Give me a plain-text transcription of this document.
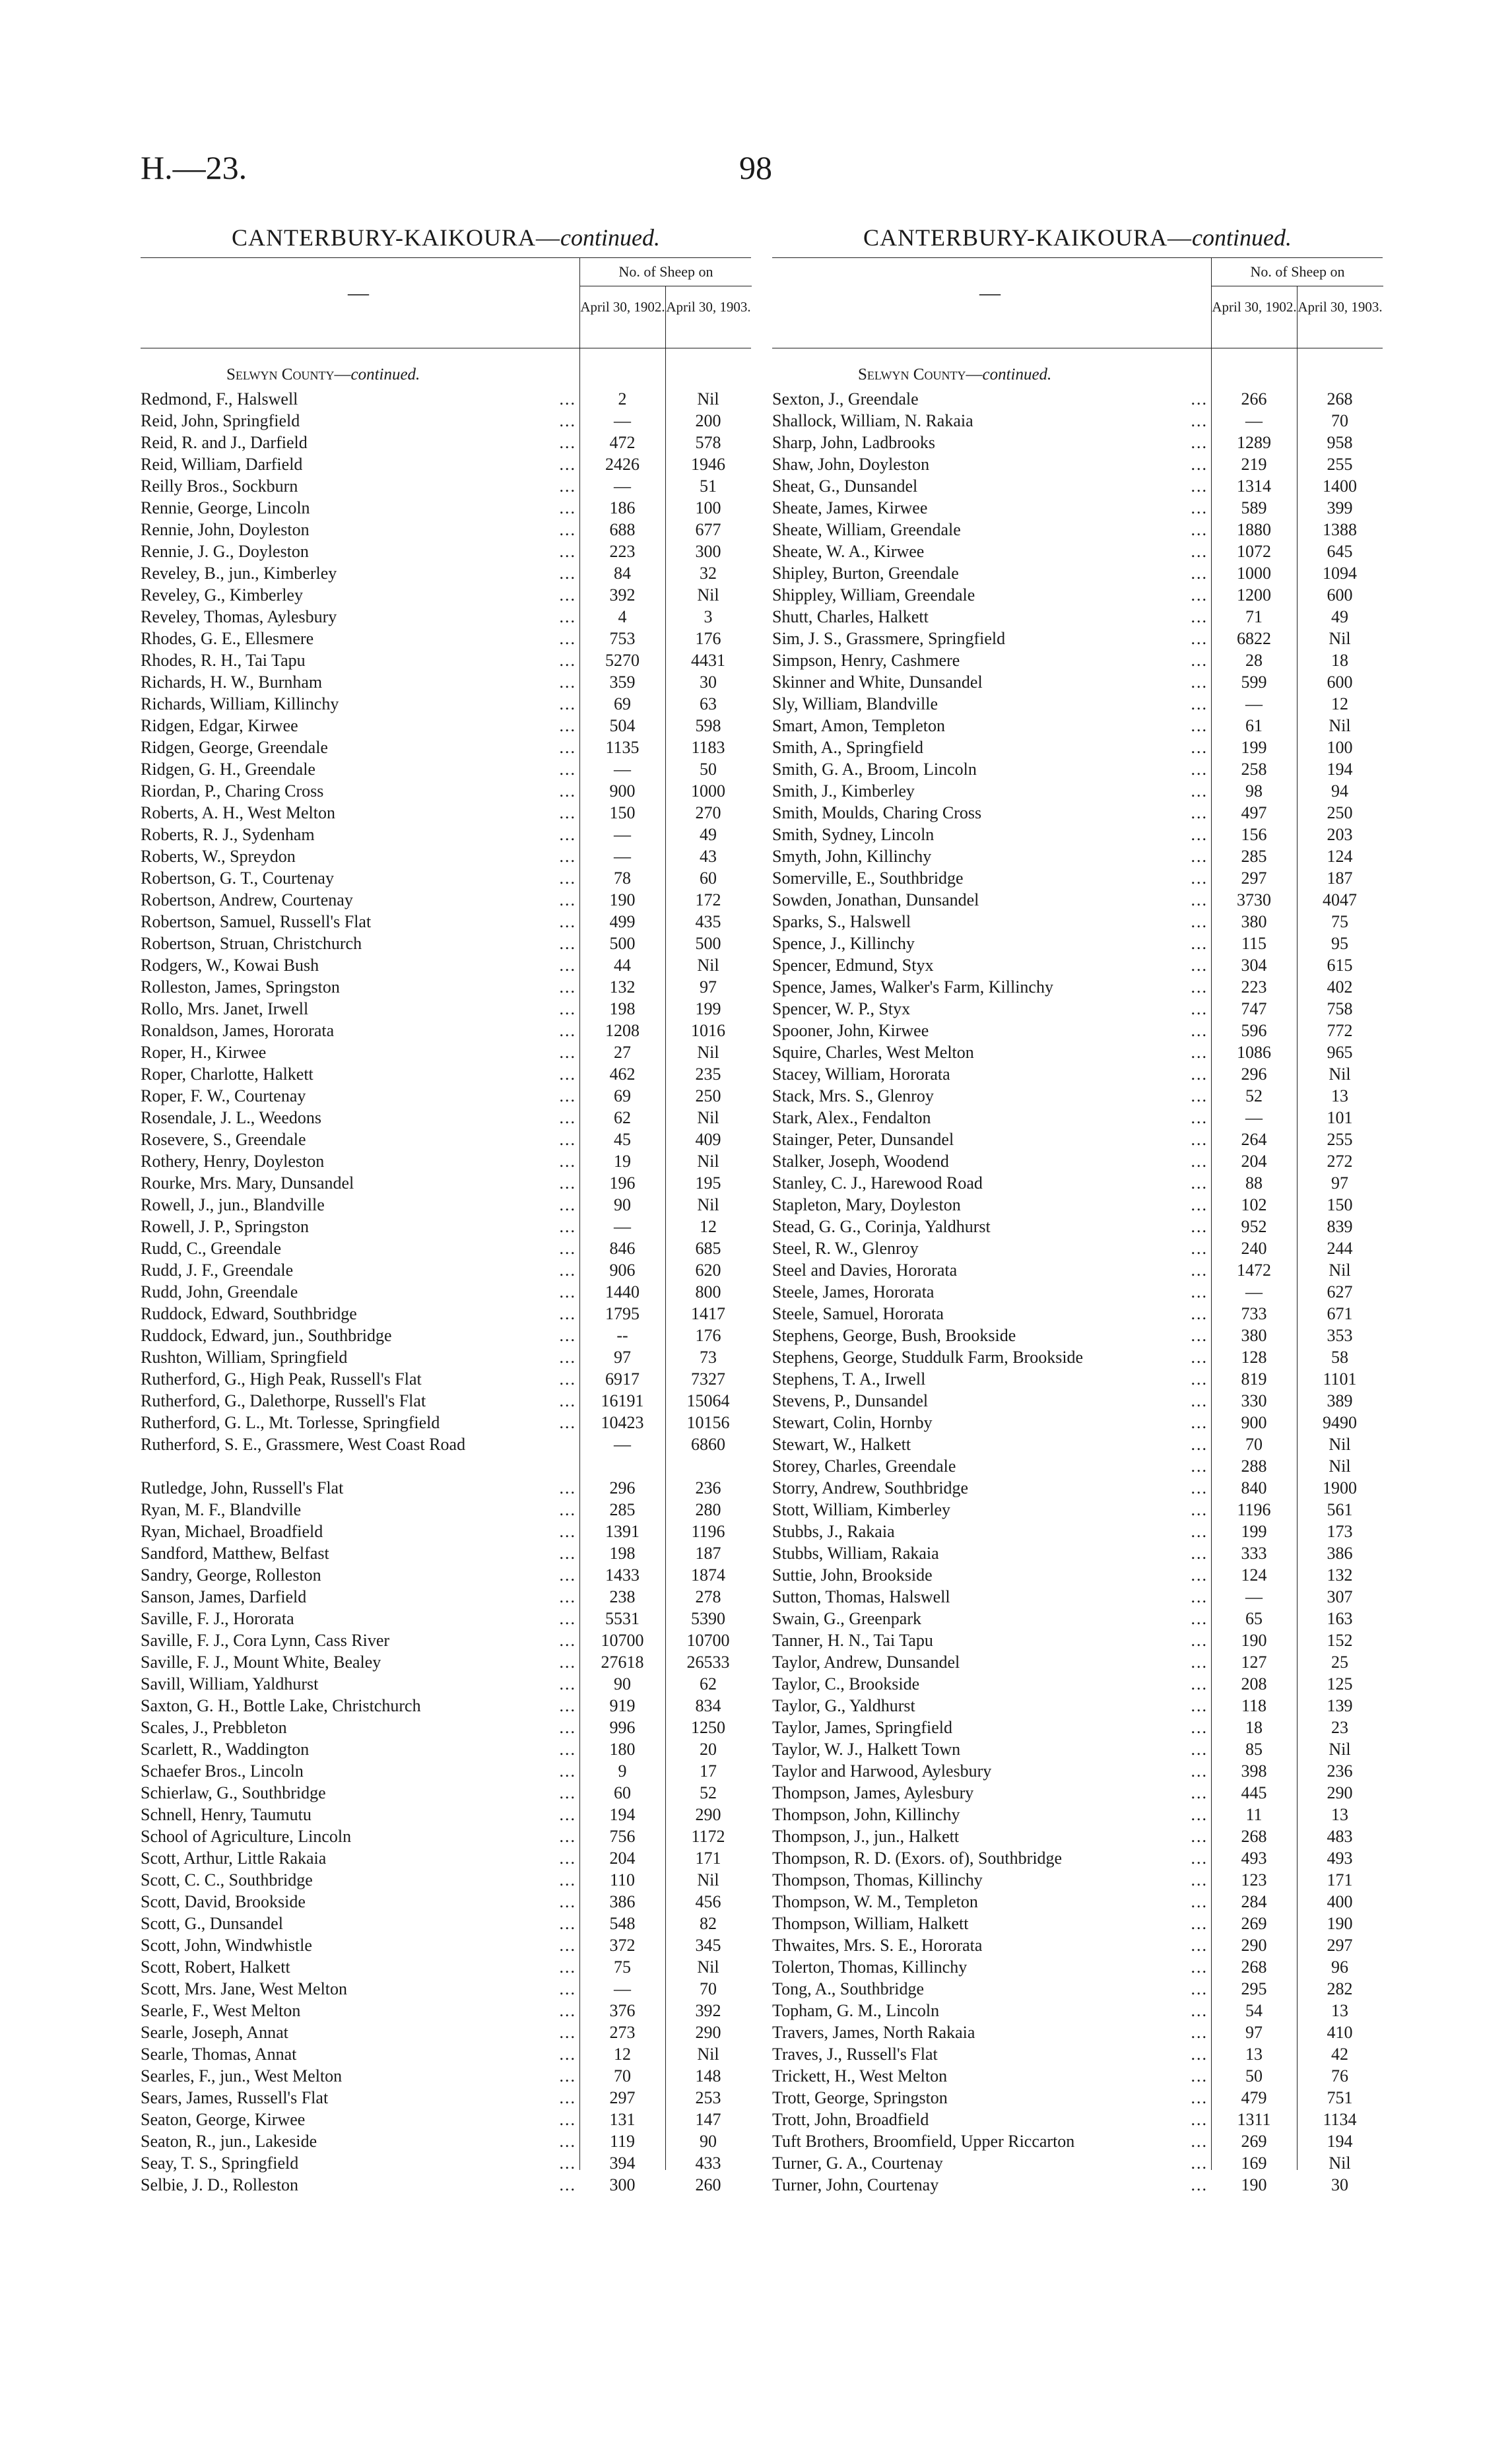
H.—23.	98
CANTERBURY-KAIKOURA—continued.
—
No. of Sheep on
April 30, 1902. April 30, 1903.
Selwyn County—continued.
Redmond, F., Halswell	...	2	Nil
Reid, John, Springfield	...	—	200
Reid, R. and J., Darfield	...	472	578
Reid, William, Darfield	...	2426	1946
Reilly Bros., Sockburn	...	—	51
Rennie, George, Lincoln	...	186	100
Rennie, John, Doyleston	...	688	677
Rennie, J. G., Doyleston	...	223	300
Reveley, B., jun., Kimberley	...	84	32
Reveley, G., Kimberley	...	392	Nil
Reveley, Thomas, Aylesbury	...	4	3
Rhodes, G. E., Ellesmere	...	753	176
Rhodes, R. H., Tai Tapu	...	5270	4431
Richards, H. W., Burnham	...	359	30
Richards, William, Killinchy	...	69	63
Ridgen, Edgar, Kirwee	...	504	598
Ridgen, George, Greendale	...	1135	1183
Ridgen, G. H., Greendale	...	—	50
Riordan, P., Charing Cross	...	900	1000
Roberts, A. H., West Melton	...	150	270
Roberts, R. J., Sydenham	...	—	49
Roberts, W., Spreydon	...	—	43
Robertson, G. T., Courtenay	...	78	60
Robertson, Andrew, Courtenay	...	190	172
Robertson, Samuel, Russell's Flat	...	499	435
Robertson, Struan, Christchurch	...	500	500
Rodgers, W., Kowai Bush	...	44	Nil
Rolleston, James, Springston	...	132	97
Rollo, Mrs. Janet, Irwell	...	198	199
Ronaldson, James, Hororata	...	1208	1016
Roper, H., Kirwee	...	27	Nil
Roper, Charlotte, Halkett	...	462	235
Roper, F. W., Courtenay	...	69	250
Rosendale, J. L., Weedons	...	62	Nil
Rosevere, S., Greendale	...	45	409
Rothery, Henry, Doyleston	...	19	Nil
Rourke, Mrs. Mary, Dunsandel	...	196	195
Rowell, J., jun., Blandville	...	90	Nil
Rowell, J. P., Springston	...	—	12
Rudd, C., Greendale	...	846	685
Rudd, J. F., Greendale	...	906	620
Rudd, John, Greendale	...	1440	800
Ruddock, Edward, Southbridge	...	1795	1417
Ruddock, Edward, jun., Southbridge	...	--	176
Rushton, William, Springfield	...	97	73
Rutherford, G., High Peak, Russell's Flat	...	6917	7327
Rutherford, G., Dalethorpe, Russell's Flat	...	16191	15064
Rutherford, G. L., Mt. Torlesse, Springfield	...	10423	10156
Rutherford, S. E., Grassmere, West Coast Road	—	6860
Rutledge, John, Russell's Flat	...	296	236
Ryan, M. F., Blandville	...	285	280
Ryan, Michael, Broadfield	...	1391	1196
Sandford, Matthew, Belfast	...	198	187
Sandry, George, Rolleston	...	1433	1874
Sanson, James, Darfield	...	238	278
Saville, F. J., Hororata	...	5531	5390
Saville, F. J., Cora Lynn, Cass River	...	10700	10700
Saville, F. J., Mount White, Bealey	...	27618	26533
Savill, William, Yaldhurst	...	90	62
Saxton, G. H., Bottle Lake, Christchurch	...	919	834
Scales, J., Prebbleton	...	996	1250
Scarlett, R., Waddington	...	180	20
Schaefer Bros., Lincoln	...	9	17
Schierlaw, G., Southbridge	...	60	52
Schnell, Henry, Taumutu	...	194	290
School of Agriculture, Lincoln	...	756	1172
Scott, Arthur, Little Rakaia	...	204	171
Scott, C. C., Southbridge	...	110	Nil
Scott, David, Brookside	...	386	456
Scott, G., Dunsandel	...	548	82
Scott, John, Windwhistle	...	372	345
Scott, Robert, Halkett	...	75	Nil
Scott, Mrs. Jane, West Melton	...	—	70
Searle, F., West Melton	...	376	392
Searle, Joseph, Annat	...	273	290
Searle, Thomas, Annat	...	12	Nil
Searles, F., jun., West Melton	...	70	148
Sears, James, Russell's Flat	...	297	253
Seaton, George, Kirwee	...	131	147
Seaton, R., jun., Lakeside	...	119	90
Seay, T. S., Springfield	...	394	433
Selbie, J. D., Rolleston	...	300	260
CANTERBURY-KAIKOURA—continued.
—
No. of Sheep on
April 30, 1902. April 30, 1903.
Selwyn County—continued.
Sexton, J., Greendale	...	266	268
Shallock, William, N. Rakaia	...	—	70
Sharp, John, Ladbrooks	...	1289	958
Shaw, John, Doyleston	...	219	255
Sheat, G., Dunsandel	...	1314	1400
Sheate, James, Kirwee	...	589	399
Sheate, William, Greendale	...	1880	1388
Sheate, W. A., Kirwee	...	1072	645
Shipley, Burton, Greendale	...	1000	1094
Shippley, William, Greendale	...	1200	600
Shutt, Charles, Halkett	...	71	49
Sim, J. S., Grassmere, Springfield	...	6822	Nil
Simpson, Henry, Cashmere	...	28	18
Skinner and White, Dunsandel	...	599	600
Sly, William, Blandville	...	—	12
Smart, Amon, Templeton	...	61	Nil
Smith, A., Springfield	...	199	100
Smith, G. A., Broom, Lincoln	...	258	194
Smith, J., Kimberley	...	98	94
Smith, Moulds, Charing Cross	...	497	250
Smith, Sydney, Lincoln	...	156	203
Smyth, John, Killinchy	...	285	124
Somerville, E., Southbridge	...	297	187
Sowden, Jonathan, Dunsandel	...	3730	4047
Sparks, S., Halswell	...	380	75
Spence, J., Killinchy	...	115	95
Spencer, Edmund, Styx	...	304	615
Spence, James, Walker's Farm, Killinchy	...	223	402
Spencer, W. P., Styx	...	747	758
Spooner, John, Kirwee	...	596	772
Squire, Charles, West Melton	...	1086	965
Stacey, William, Hororata	...	296	Nil
Stack, Mrs. S., Glenroy	...	52	13
Stark, Alex., Fendalton	...	—	101
Stainger, Peter, Dunsandel	...	264	255
Stalker, Joseph, Woodend	...	204	272
Stanley, C. J., Harewood Road	...	88	97
Stapleton, Mary, Doyleston	...	102	150
Stead, G. G., Corinja, Yaldhurst	...	952	839
Steel, R. W., Glenroy	...	240	244
Steel and Davies, Hororata	...	1472	Nil
Steele, James, Hororata	...	—	627
Steele, Samuel, Hororata	...	733	671
Stephens, George, Bush, Brookside	...	380	353
Stephens, George, Studdulk Farm, Brookside	...	128	58
Stephens, T. A., Irwell	...	819	1101
Stevens, P., Dunsandel	...	330	389
Stewart, Colin, Hornby	...	900	9490
Stewart, W., Halkett	...	70	Nil
Storey, Charles, Greendale	...	288	Nil
Storry, Andrew, Southbridge	...	840	1900
Stott, William, Kimberley	...	1196	561
Stubbs, J., Rakaia	...	199	173
Stubbs, William, Rakaia	...	333	386
Suttie, John, Brookside	...	124	132
Sutton, Thomas, Halswell	...	—	307
Swain, G., Greenpark	...	65	163
Tanner, H. N., Tai Tapu	...	190	152
Taylor, Andrew, Dunsandel	...	127	25
Taylor, C., Brookside	...	208	125
Taylor, G., Yaldhurst	...	118	139
Taylor, James, Springfield	...	18	23
Taylor, W. J., Halkett Town	...	85	Nil
Taylor and Harwood, Aylesbury	...	398	236
Thompson, James, Aylesbury	...	445	290
Thompson, John, Killinchy	...	11	13
Thompson, J., jun., Halkett	...	268	483
Thompson, R. D. (Exors. of), Southbridge	...	493	493
Thompson, Thomas, Killinchy	...	123	171
Thompson, W. M., Templeton	...	284	400
Thompson, William, Halkett	...	269	190
Thwaites, Mrs. S. E., Hororata	...	290	297
Tolerton, Thomas, Killinchy	...	268	96
Tong, A., Southbridge	...	295	282
Topham, G. M., Lincoln	...	54	13
Travers, James, North Rakaia	...	97	410
Traves, J., Russell's Flat	...	13	42
Trickett, H., West Melton	...	50	76
Trott, George, Springston	...	479	751
Trott, John, Broadfield	...	1311	1134
Tuft Brothers, Broomfield, Upper Riccarton	...	269	194
Turner, G. A., Courtenay	...	169	Nil
Turner, John, Courtenay	...	190	30
